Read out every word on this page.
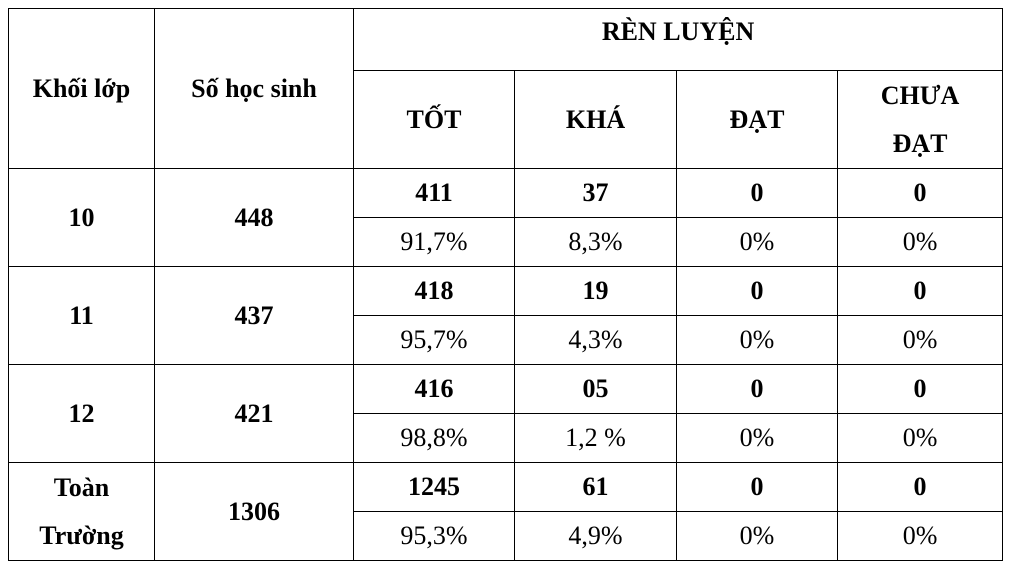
Khối lớp	Số học sinh	RÈN LUYỆN			
		TỐT	KHÁ	ĐẠT	CHƯA
ĐẠT

10	448	411	37	0	0
		91,7%	8,3%	0%	0%
11	437	418	19	0	0
		95,7%	4,3%	0%	0%
12	421	416	05	0	0
		98,8%	1,2 %	0%	0%

Toàn
Trường	1306	1245	61	0	0
		95,3%	4,9%	0%	0%
